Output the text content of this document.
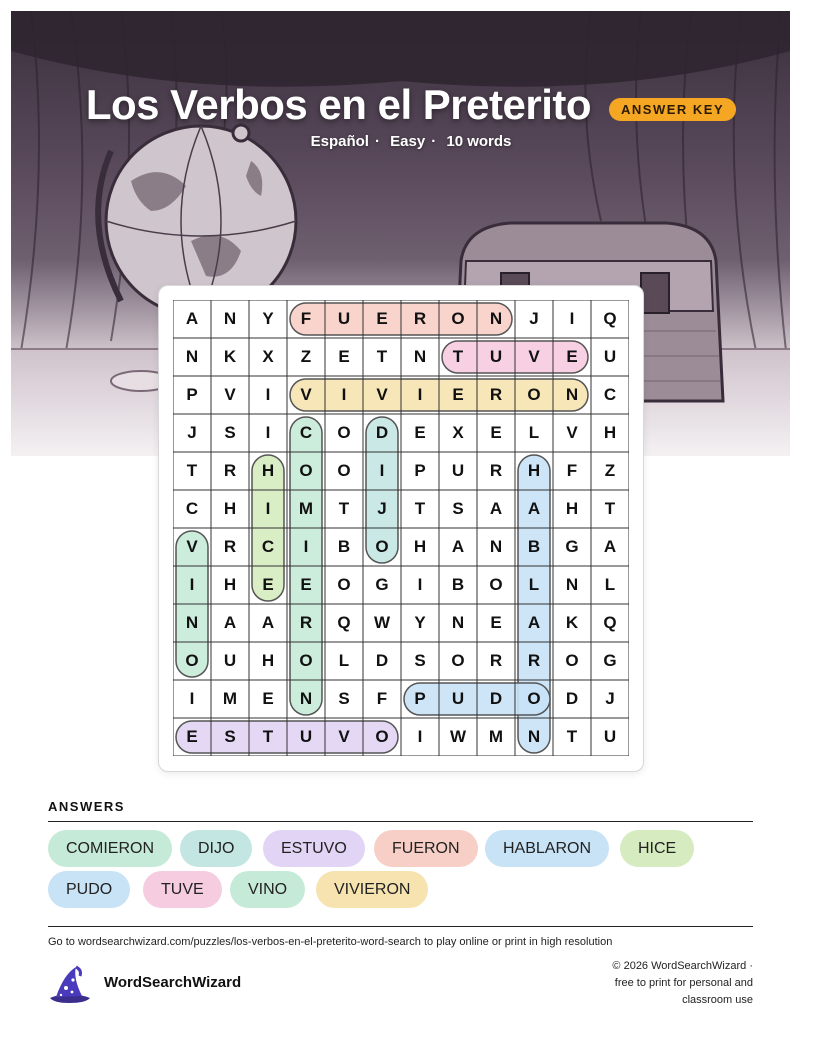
Los Verbos en el Preterito ANSWER KEY
Español · Easy · 10 words
A	N	Y	F	U	E	R	O	N	J	I	Q
N	K	X	Z	E	T	N	T	U	V	E	U
P	V	I	V	I	V	I	E	R	O	N	C
J	S	I	C	O	D	E	X	E	L	V	H
T	R	H	O	O	I	P	U	R	H	F	Z
C	H	I	M	T	J	T	S	A	A	H	T
V	R	C	I	B	O	H	A	N	B	G	A
I	H	E	E	O	G	I	B	O	L	N	L
N	A	A	R	Q	W	Y	N	E	A	K	Q
O	U	H	O	L	D	S	O	R	R	O	G
I	M	E	N	S	F	P	U	D	O	D	J
E	S	T	U	V	O	I	W	M	N	T	U
ANSWERS
COMIERON	DIJO	ESTUVO	FUERON	HABLARON	HICE
PUDO	TUVE	VINO	VIVIERON
Go to wordsearchwizard.com/puzzles/los-verbos-en-el-preterito-word-search to play online or print in high resolution
WordSearchWizard
© 2026 WordSearchWizard ·
free to print for personal and
classroom use
